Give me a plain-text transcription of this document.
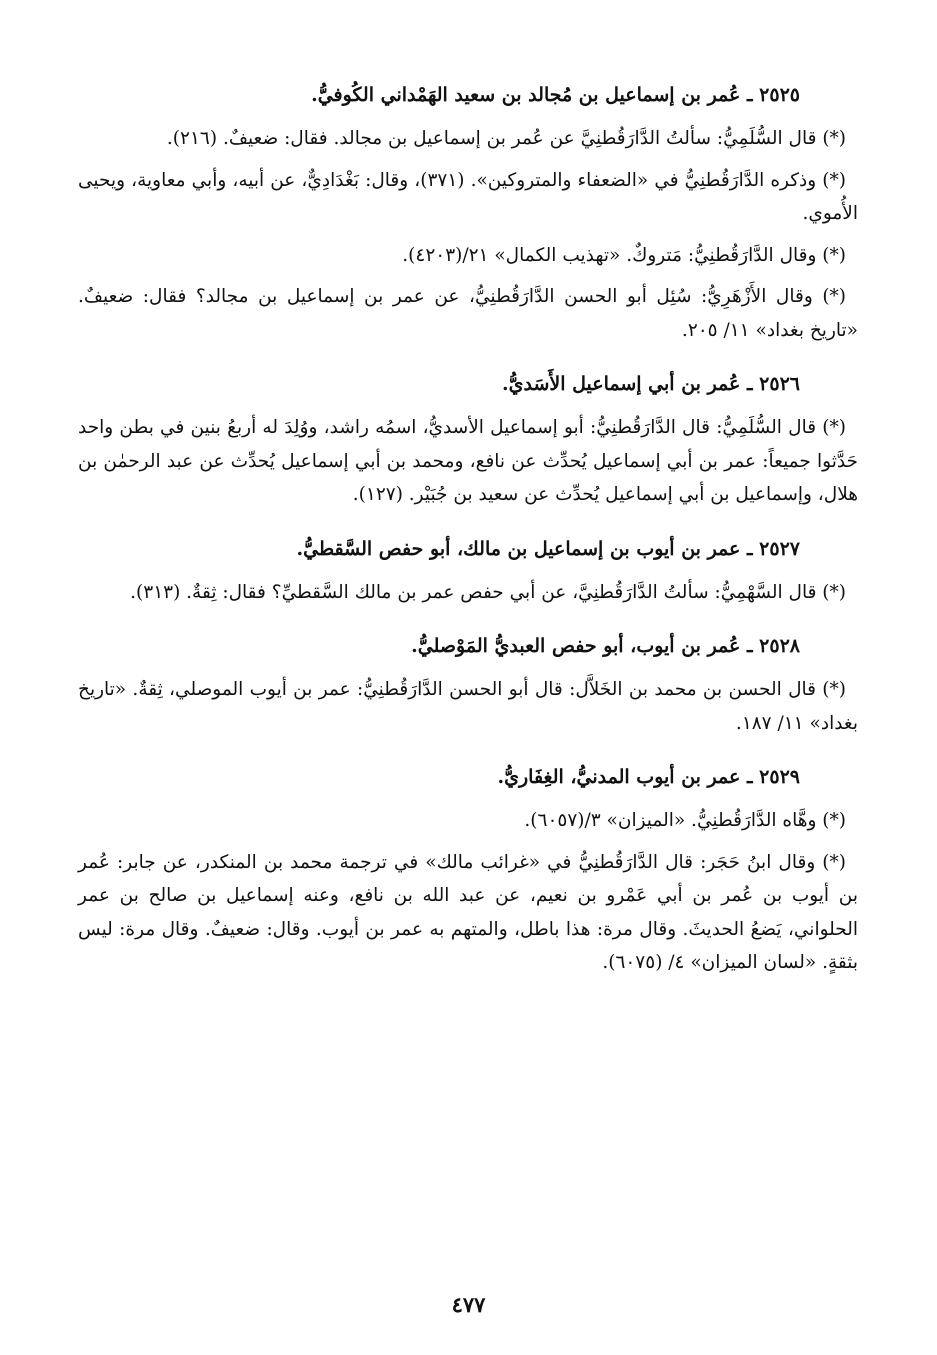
٢٥٢٥ ـ عُمر بن إسماعيل بن مُجالد بن سعيد الهَمْداني الكُوفيُّ.

(*) قال السُّلَمِيُّ: سألتُ الدَّارَقُطنِيَّ عن عُمر بن إسماعيل بن مجالد. فقال: ضعيفٌ. (٢١٦).

(*) وذكره الدَّارَقُطنِيُّ في «الضعفاء والمتروكين». (٣٧١)، وقال: بَغْدَادِيٌّ، عن أبيه، وأبي معاوية، ويحيى الأُموي.

(*) وقال الدَّارَقُطنِيُّ: مَتروكٌ. «تهذيب الكمال» ٢١/(٤٢٠٣).

(*) وقال الأَزْهَرِيُّ: سُئِل أبو الحسن الدَّارَقُطنِيُّ، عن عمر بن إسماعيل بن مجالد؟ فقال: ضعيفٌ. «تاريخ بغداد» ١١/ ٢٠٥.

٢٥٢٦ ـ عُمر بن أبي إسماعيل الأَسَديُّ.

(*) قال السُّلَمِيُّ: قال الدَّارَقُطنِيُّ: أبو إسماعيل الأسديُّ، اسمُه راشد، ووُلِدَ له أربعُ بنين في بطن واحد حَدَّثوا جميعاً: عمر بن أبي إسماعيل يُحدِّث عن نافع، ومحمد بن أبي إسماعيل يُحدِّث عن عبد الرحمٰن بن هلال، وإسماعيل بن أبي إسماعيل يُحدِّث عن سعيد بن جُبَيْر. (١٢٧).

٢٥٢٧ ـ عمر بن أيوب بن إسماعيل بن مالك، أبو حفص السَّقطيُّ.

(*) قال السَّهْمِيُّ: سألتُ الدَّارَقُطنِيَّ، عن أبي حفص عمر بن مالك السَّقطيِّ؟ فقال: ثِقةٌ. (٣١٣).

٢٥٢٨ ـ عُمر بن أيوب، أبو حفص العبديُّ المَوْصليُّ.

(*) قال الحسن بن محمد بن الخَلاَّل: قال أبو الحسن الدَّارَقُطنِيُّ: عمر بن أيوب الموصلي، ثِقةٌ. «تاريخ بغداد» ١١/ ١٨٧.

٢٥٢٩ ـ عمر بن أيوب المدنيُّ، الغِفَاريُّ.

(*) وهَّاه الدَّارَقُطنِيُّ. «الميزان» ٣/(٦٠٥٧).

(*) وقال ابنُ حَجَر: قال الدَّارَقُطنِيُّ في «غرائب مالك» في ترجمة محمد بن المنكدر، عن جابر: عُمر بن أيوب بن عُمر بن أبي عَمْرو بن نعيم، عن عبد الله بن نافع، وعنه إسماعيل بن صالح بن عمر الحلواني، يَضعُ الحديثَ. وقال مرة: هذا باطل، والمتهم به عمر بن أيوب. وقال: ضعيفٌ. وقال مرة: ليس بثقةٍ. «لسان الميزان» ٤/ (٦٠٧٥).

٤٧٧
